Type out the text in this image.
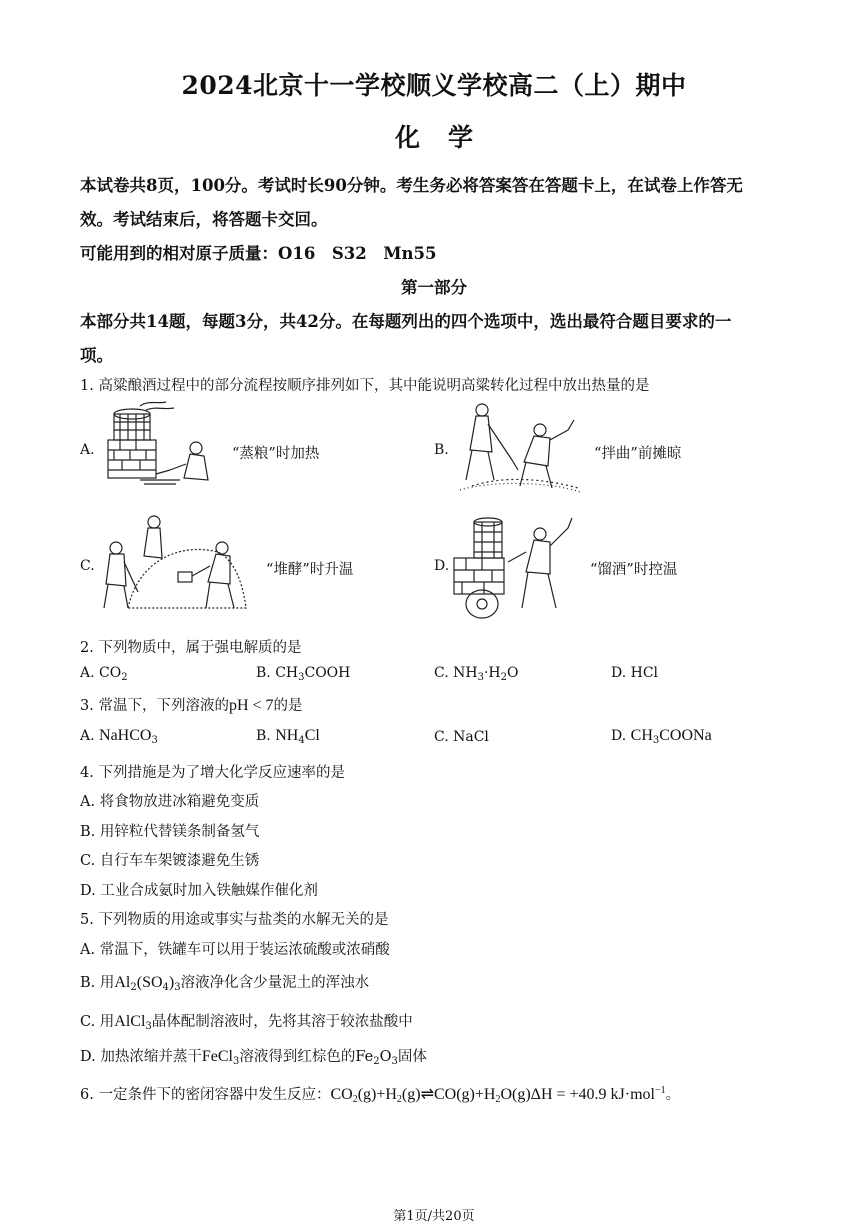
2024北京十一学校顺义学校高二（上）期中
化学
本试卷共8页，100分。考试时长90分钟。考生务必将答案答在答题卡上，在试卷上作答无
效。考试结束后，将答题卡交回。
可能用到的相对原子质量：O16　S32　Mn55
第一部分
本部分共14题，每题3分，共42分。在每题列出的四个选项中，选出最符合题目要求的一
项。
1. 高粱酿酒过程中的部分流程按顺序排列如下，其中能说明高粱转化过程中放出热量的是
A.	“蒸粮”时加热	B.	“拌曲”前摊晾
C.	“堆酵”时升温	D.	“馏酒”时控温
2. 下列物质中，属于强电解质的是
A. $CO_2$	B. $CH_3COOH$	C. $NH_3\cdot H_2O$	D. HCl
3. 常温下，下列溶液的pH < 7的是
A. NaHCO$_3$	B. $NH_4Cl$	C. NaCl	D. $CH_3COONa$
4. 下列措施是为了增大化学反应速率的是
A. 将食物放进冰箱避免变质
B. 用锌粒代替镁条制备氢气
C. 自行车车架镀漆避免生锈
D. 工业合成氨时加入铁触媒作催化剂
5. 下列物质的用途或事实与盐类的水解无关的是
A. 常温下，铁罐车可以用于装运浓硫酸或浓硝酸
B. 用$Al_2(SO_4)_3$溶液净化含少量泥土的浑浊水
C. 用AlCl$_3$晶体配制溶液时，先将其溶于较浓盐酸中
D. 加热浓缩并蒸干FeCl$_3$溶液得到红棕色的$Fe_2O_3$固体
6. 一定条件下的密闭容器中发生反应：$CO_2(g)+H_2(g)\rightleftharpoons CO(g)+H_2O(g)\Delta H = +40.9$ kJ·mol$^{-1}$。
第1页/共20页
